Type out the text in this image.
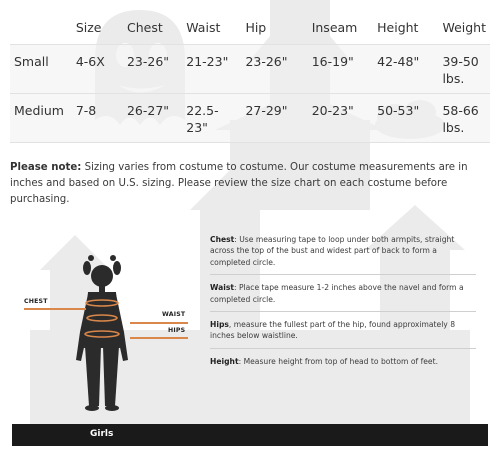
	Size	Chest	Waist	Hip	Inseam	Height	Weight

Small	4-6X	23-26"	21-23"	23-26"	16-19"	42-48"	39-50 lbs.

Medium	7-8	26-27"	22.5-23"	27-29"	20-23"	50-53"	58-66 lbs.

Please note: Sizing varies from costume to costume. Our costume measurements are in inches and based on U.S. sizing. Please review the size chart on each costume before purchasing.
CHEST
WAIST
HIPS
Chest: Use measuring tape to loop under both armpits, straight across the top of the bust and widest part of back to form a completed circle.
Waist: Place tape measure 1-2 inches above the navel and form a completed circle.
Hips, measure the fullest part of the hip, found approximately 8 inches below waistline.
Height: Measure height from top of head to bottom of feet.
Girls
